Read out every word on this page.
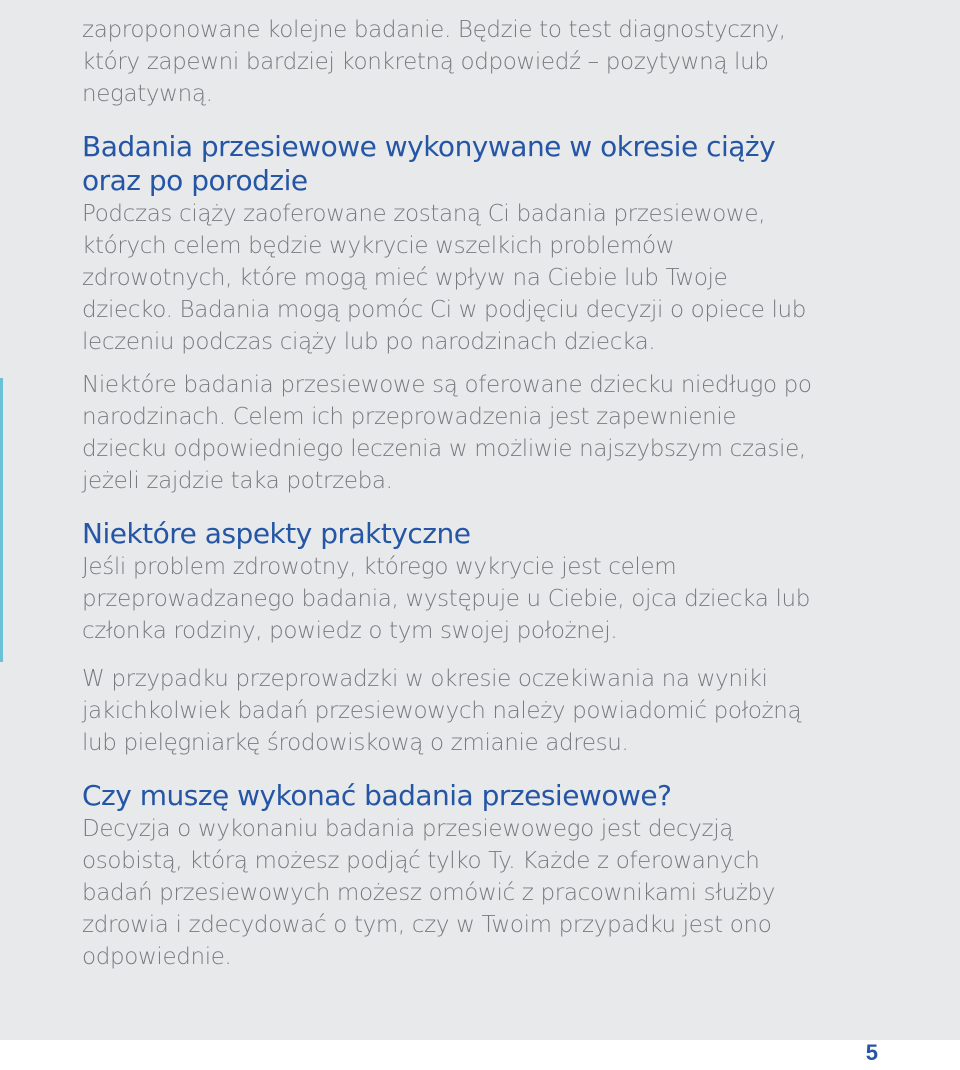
zaproponowane kolejne badanie. Będzie to test diagnostyczny, który zapewni bardziej konkretną odpowiedź – pozytywną lub negatywną.

Badania przesiewowe wykonywane w okresie ciąży oraz po porodzie

Podczas ciąży zaoferowane zostaną Ci badania przesiewowe, których celem będzie wykrycie wszelkich problemów zdrowotnych, które mogą mieć wpływ na Ciebie lub Twoje dziecko. Badania mogą pomóc Ci w podjęciu decyzji o opiece lub leczeniu podczas ciąży lub po narodzinach dziecka.

Niektóre badania przesiewowe są oferowane dziecku niedługo po narodzinach. Celem ich przeprowadzenia jest zapewnienie dziecku odpowiedniego leczenia w możliwie najszybszym czasie, jeżeli zajdzie taka potrzeba.

Niektóre aspekty praktyczne

Jeśli problem zdrowotny, którego wykrycie jest celem przeprowadzanego badania, występuje u Ciebie, ojca dziecka lub członka rodziny, powiedz o tym swojej położnej.

W przypadku przeprowadzki w okresie oczekiwania na wyniki jakichkolwiek badań przesiewowych należy powiadomić położną lub pielęgniarkę środowiskową o zmianie adresu.

Czy muszę wykonać badania przesiewowe?

Decyzja o wykonaniu badania przesiewowego jest decyzją osobistą, którą możesz podjąć tylko Ty. Każde z oferowanych badań przesiewowych możesz omówić z pracownikami służby zdrowia i zdecydować o tym, czy w Twoim przypadku jest ono odpowiednie.

5
